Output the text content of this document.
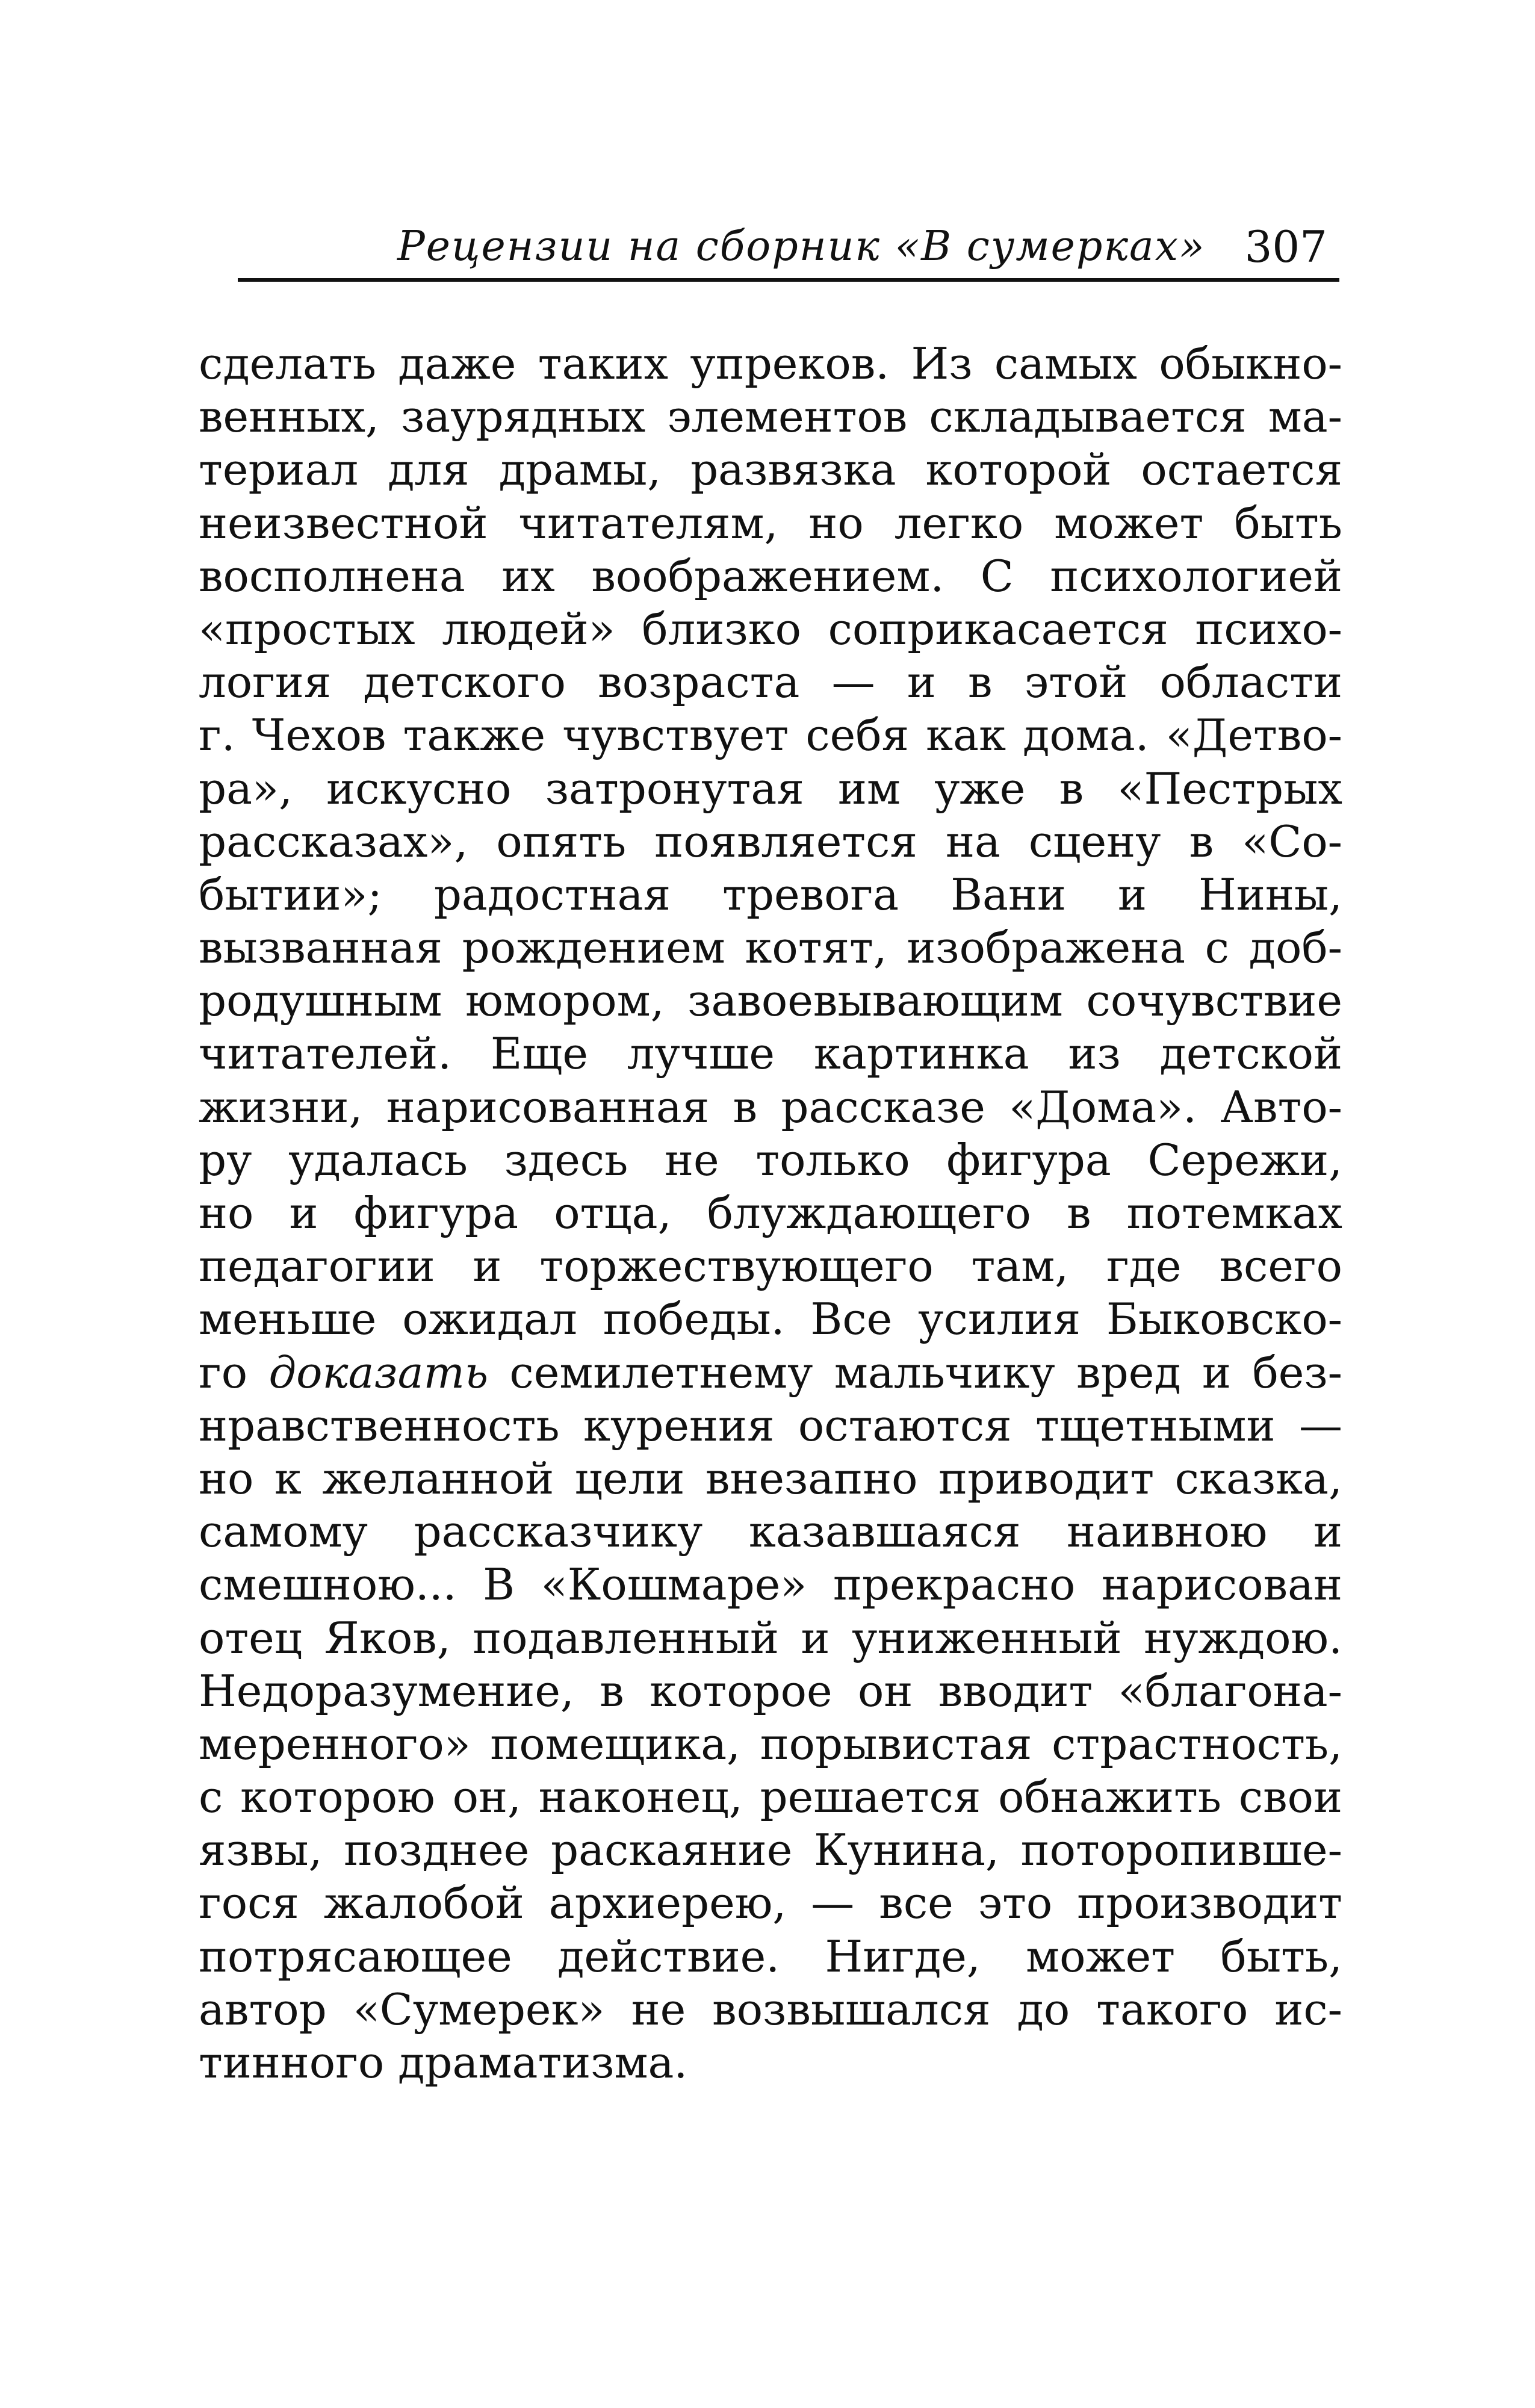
Рецензии на сборник «В сумерках» 307
сделать даже таких упреков. Из самых обыкно-
венных, заурядных элементов складывается ма-
териал для драмы, развязка которой остается
неизвестной читателям, но легко может быть
восполнена их воображением. С психологией
«простых людей» близко соприкасается психо-
логия детского возраста — и в этой области
г. Чехов также чувствует себя как дома. «Детво-
ра», искусно затронутая им уже в «Пестрых
рассказах», опять появляется на сцену в «Со-
бытии»; радостная тревога Вани и Нины,
вызванная рождением котят, изображена с доб-
родушным юмором, завоевывающим сочувствие
читателей. Еще лучше картинка из детской
жизни, нарисованная в рассказе «Дома». Авто-
ру удалась здесь не только фигура Сережи,
но и фигура отца, блуждающего в потемках
педагогии и торжествующего там, где всего
меньше ожидал победы. Все усилия Быковско-
го доказать семилетнему мальчику вред и без-
нравственность курения остаются тщетными —
но к желанной цели внезапно приводит сказка,
самому рассказчику казавшаяся наивною и
смешною... В «Кошмаре» прекрасно нарисован
отец Яков, подавленный и униженный нуждою.
Недоразумение, в которое он вводит «благона-
меренного» помещика, порывистая страстность,
с которою он, наконец, решается обнажить свои
язвы, позднее раскаяние Кунина, поторопивше-
гося жалобой архиерею, — все это производит
потрясающее действие. Нигде, может быть,
автор «Сумерек» не возвышался до такого ис-
тинного драматизма.
